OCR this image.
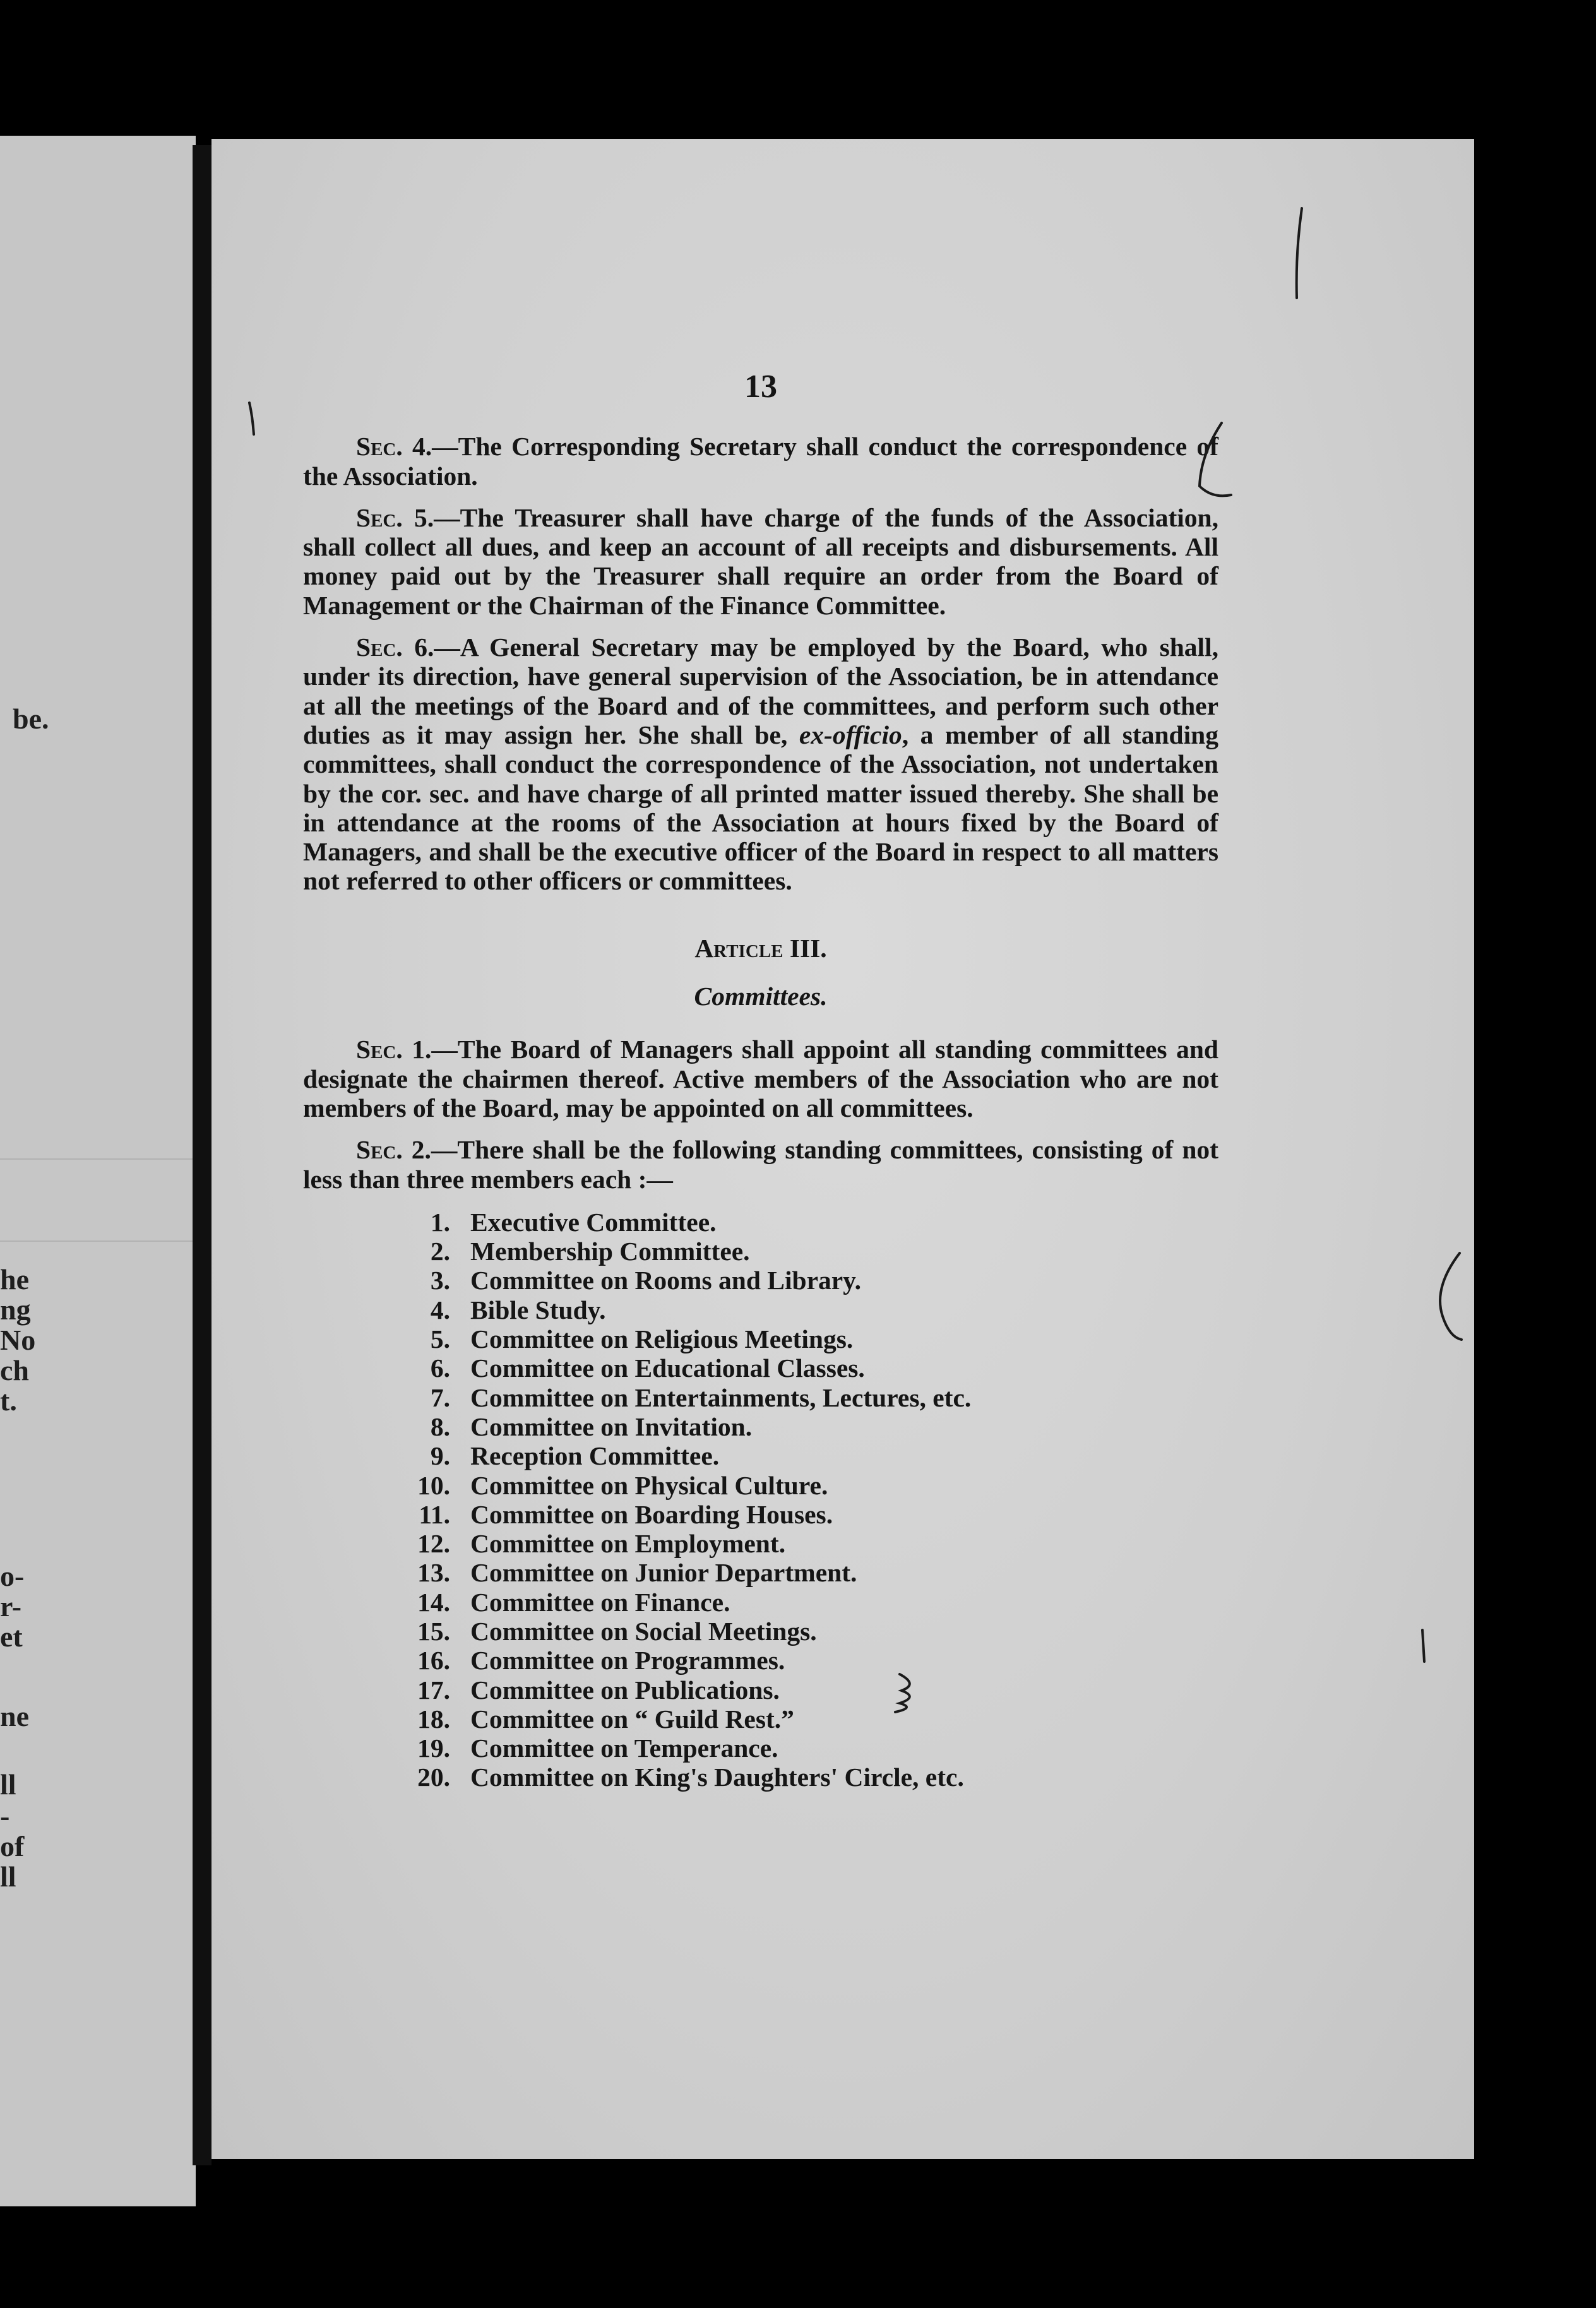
be.
he
ng
No
ch
t.
o-
r-
et
ne
ll
-
of
ll
13

Sec. 4.—The Corresponding Secretary shall conduct the correspondence of the Association.

Sec. 5.—The Treasurer shall have charge of the funds of the Association, shall collect all dues, and keep an account of all receipts and disbursements. All money paid out by the Treasurer shall require an order from the Board of Management or the Chairman of the Finance Committee.

Sec. 6.—A General Secretary may be employed by the Board, who shall, under its direction, have general supervision of the Association, be in attendance at all the meetings of the Board and of the committees, and perform such other duties as it may assign her. She shall be, ex-officio, a member of all standing committees, shall conduct the correspondence of the Association, not undertaken by the cor. sec. and have charge of all printed matter issued thereby. She shall be in attendance at the rooms of the Association at hours fixed by the Board of Managers, and shall be the executive officer of the Board in respect to all matters not referred to other officers or committees.

Article III.
Committees.

Sec. 1.—The Board of Managers shall appoint all standing committees and designate the chairmen thereof. Active members of the Association who are not members of the Board, may be appointed on all committees.

Sec. 2.—There shall be the following standing committees, consisting of not less than three members each :—

1. Executive Committee.
2. Membership Committee.
3. Committee on Rooms and Library.
4. Bible Study.
5. Committee on Religious Meetings.
6. Committee on Educational Classes.
7. Committee on Entertainments, Lectures, etc.
8. Committee on Invitation.
9. Reception Committee.
10. Committee on Physical Culture.
11. Committee on Boarding Houses.
12. Committee on Employment.
13. Committee on Junior Department.
14. Committee on Finance.
15. Committee on Social Meetings.
16. Committee on Programmes.
17. Committee on Publications.
18. Committee on “ Guild Rest.”
19. Committee on Temperance.
20. Committee on King's Daughters' Circle, etc.
